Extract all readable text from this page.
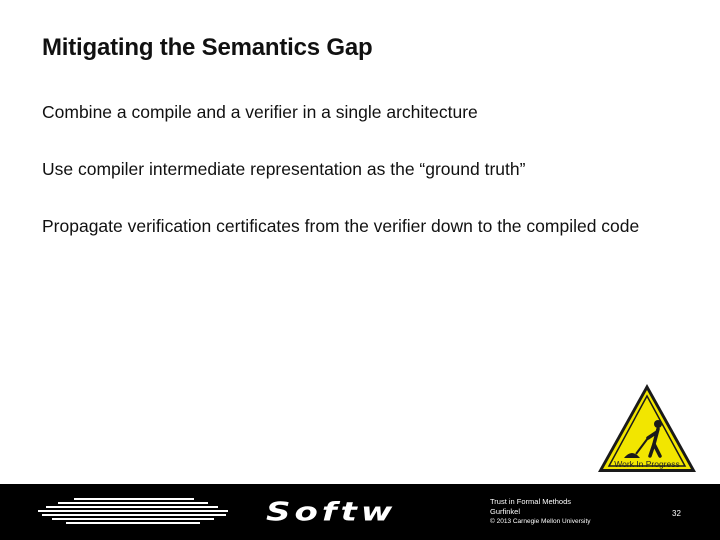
Mitigating the Semantics Gap

Combine a compile and a verifier in a single architecture

Use compiler intermediate representation as the “ground truth”

Propagate verification certificates from the verifier down to the compiled code

Work In Progress
Softw	Trust in Formal Methods
Gurfinkel
© 2013 Carnegie Mellon University
32
